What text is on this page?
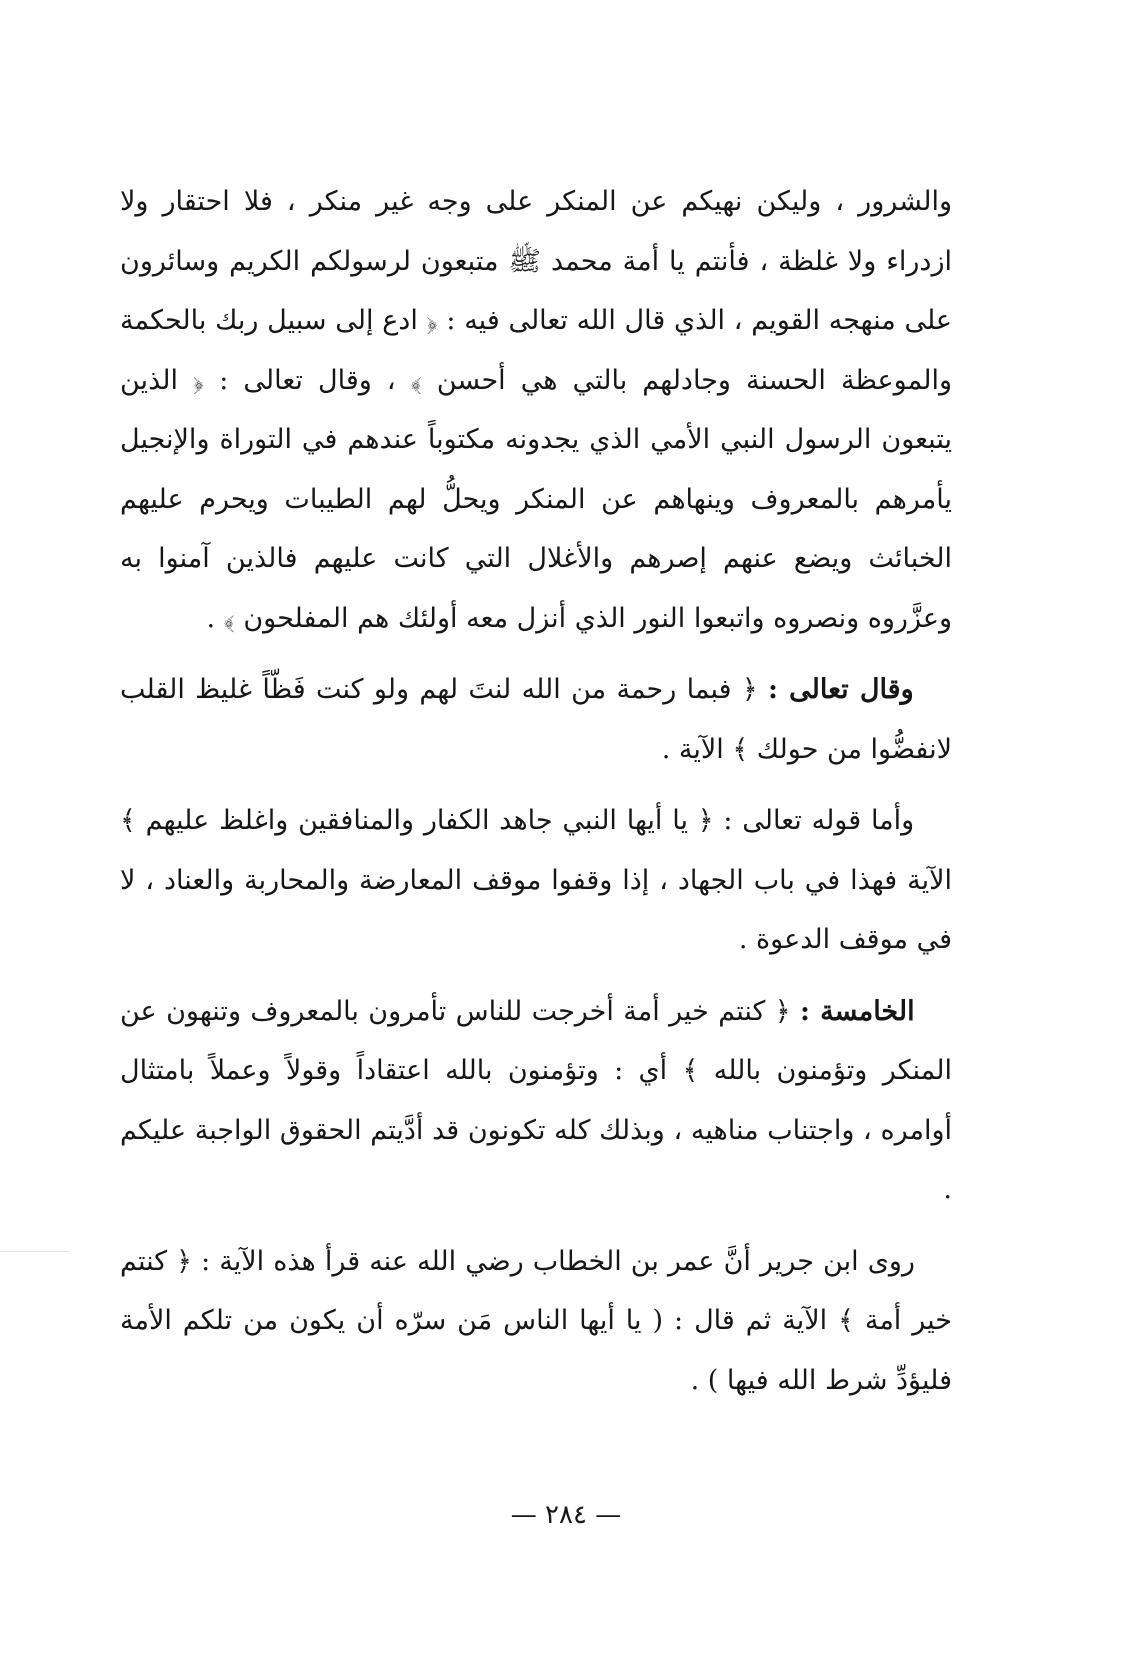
والشرور ، وليكن نهيكم عن المنكر على وجه غير منكر ، فلا احتقار ولا ازدراء ولا غلظة ، فأنتم يا أمة محمد ﷺ متبعون لرسولكم الكريم وسائرون على منهجه القويم ، الذي قال الله تعالى فيه : ﴿ ادع إلى سبيل ربك بالحكمة والموعظة الحسنة وجادلهم بالتي هي أحسن ﴾ ، وقال تعالى : ﴿ الذين يتبعون الرسول النبي الأمي الذي يجدونه مكتوباً عندهم في التوراة والإنجيل يأمرهم بالمعروف وينهاهم عن المنكر ويحلُّ لهم الطيبات ويحرم عليهم الخبائث ويضع عنهم إصرهم والأغلال التي كانت عليهم فالذين آمنوا به وعزَّروه ونصروه واتبعوا النور الذي أنزل معه أولئك هم المفلحون ﴾ .

وقال تعالى : ﴿ فبما رحمة من الله لنتَ لهم ولو كنت فَظّاً غليظ القلب لانفضُّوا من حولك ﴾ الآية .

وأما قوله تعالى : ﴿ يا أيها النبي جاهد الكفار والمنافقين واغلظ عليهم ﴾ الآية فهذا في باب الجهاد ، إذا وقفوا موقف المعارضة والمحاربة والعناد ، لا في موقف الدعوة .

الخامسة : ﴿ كنتم خير أمة أخرجت للناس تأمرون بالمعروف وتنهون عن المنكر وتؤمنون بالله ﴾ أي : وتؤمنون بالله اعتقاداً وقولاً وعملاً بامتثال أوامره ، واجتناب مناهيه ، وبذلك كله تكونون قد أدَّيتم الحقوق الواجبة عليكم .

روى ابن جرير أنَّ عمر بن الخطاب رضي الله عنه قرأ هذه الآية : ﴿ كنتم خير أمة ﴾ الآية ثم قال : ( يا أيها الناس مَن سرّه أن يكون من تلكم الأمة فليؤدِّ شرط الله فيها ) .

— ٢٨٤ —
